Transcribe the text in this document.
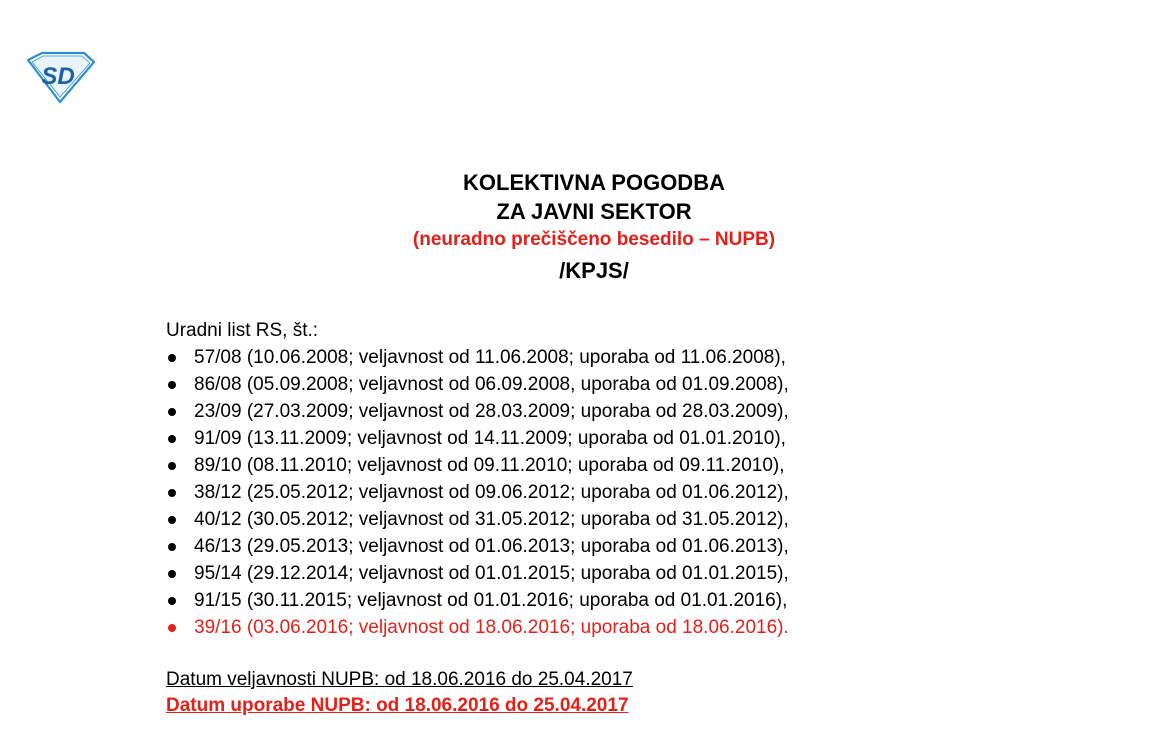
SD

KOLEKTIVNA POGODBA

ZA JAVNI SEKTOR

(neuradno prečiščeno besedilo – NUPB)

/KPJS/

Uradni list RS, št.:

57/08 (10.06.2008; veljavnost od 11.06.2008; uporaba od 11.06.2008),
86/08 (05.09.2008; veljavnost od 06.09.2008, uporaba od 01.09.2008),
23/09 (27.03.2009; veljavnost od 28.03.2009; uporaba od 28.03.2009),
91/09 (13.11.2009; veljavnost od 14.11.2009; uporaba od 01.01.2010),
89/10 (08.11.2010; veljavnost od 09.11.2010; uporaba od 09.11.2010),
38/12 (25.05.2012; veljavnost od 09.06.2012; uporaba od 01.06.2012),
40/12 (30.05.2012; veljavnost od 31.05.2012; uporaba od 31.05.2012),
46/13 (29.05.2013; veljavnost od 01.06.2013; uporaba od 01.06.2013),
95/14 (29.12.2014; veljavnost od 01.01.2015; uporaba od 01.01.2015),
91/15 (30.11.2015; veljavnost od 01.01.2016; uporaba od 01.01.2016),
39/16 (03.06.2016; veljavnost od 18.06.2016; uporaba od 18.06.2016).

Datum veljavnosti NUPB: od 18.06.2016 do 25.04.2017

Datum uporabe NUPB: od 18.06.2016 do 25.04.2017
